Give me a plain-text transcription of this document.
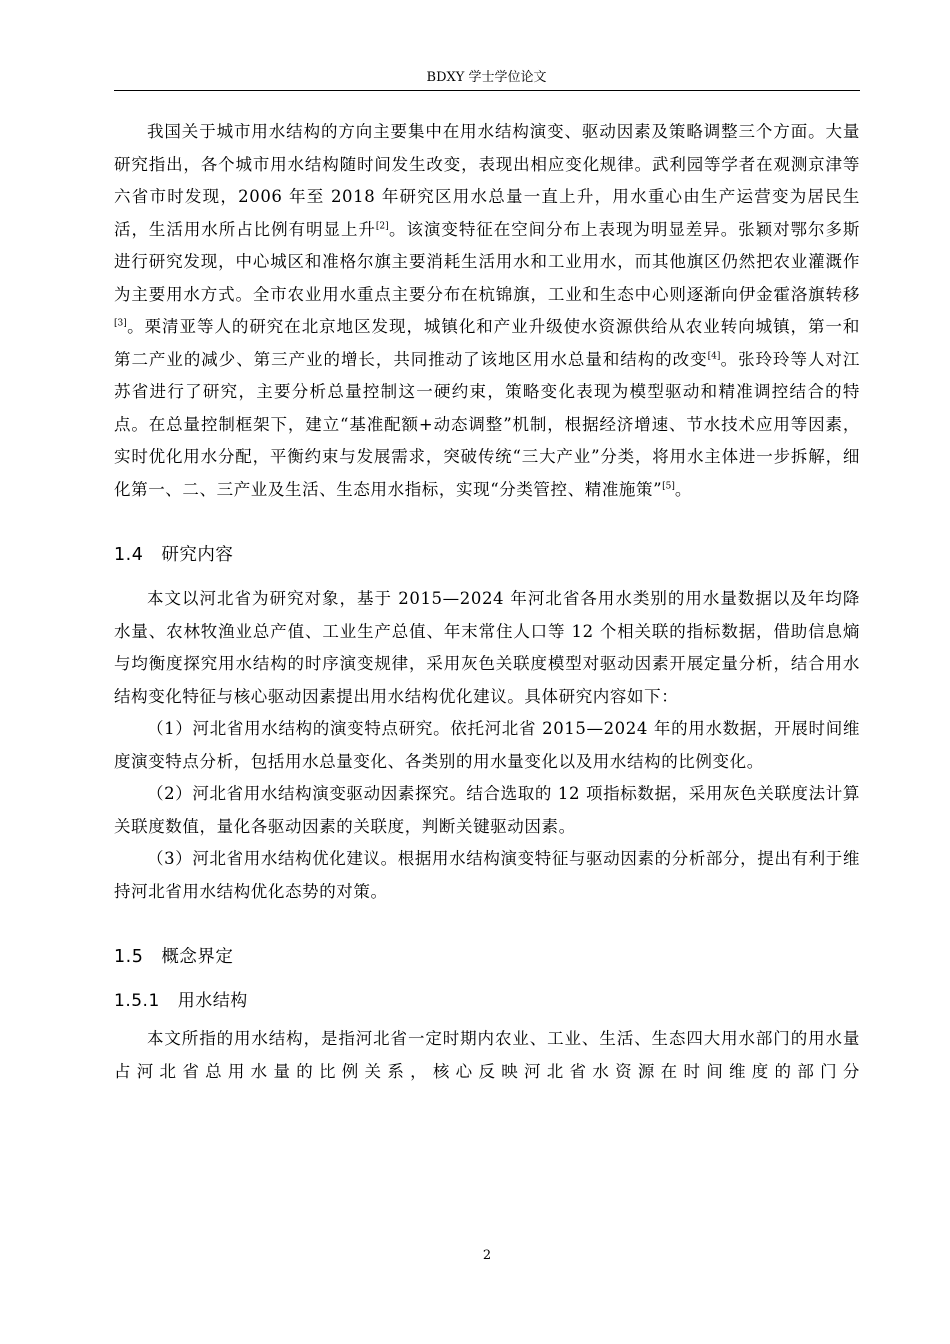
BDXY 学士学位论文

我国关于城市用水结构的方向主要集中在用水结构演变、驱动因素及策略调整三个方面。大量研究指出，各个城市用水结构随时间发生改变，表现出相应变化规律。武利园等学者在观测京津等六省市时发现，2006 年至 2018 年研究区用水总量一直上升，用水重心由生产运营变为居民生活，生活用水所占比例有明显上升[2]。该演变特征在空间分布上表现为明显差异。张颖对鄂尔多斯进行研究发现，中心城区和准格尔旗主要消耗生活用水和工业用水，而其他旗区仍然把农业灌溉作为主要用水方式。全市农业用水重点主要分布在杭锦旗，工业和生态中心则逐渐向伊金霍洛旗转移[3]。栗清亚等人的研究在北京地区发现，城镇化和产业升级使水资源供给从农业转向城镇，第一和第二产业的减少、第三产业的增长，共同推动了该地区用水总量和结构的改变[4]。张玲玲等人对江苏省进行了研究，主要分析总量控制这一硬约束，策略变化表现为模型驱动和精准调控结合的特点。在总量控制框架下，建立“基准配额+动态调整”机制，根据经济增速、节水技术应用等因素，实时优化用水分配，平衡约束与发展需求，突破传统“三大产业”分类，将用水主体进一步拆解，细化第一、二、三产业及生活、生态用水指标，实现“分类管控、精准施策”[5]。

1.4 研究内容

本文以河北省为研究对象，基于 2015—2024 年河北省各用水类别的用水量数据以及年均降水量、农林牧渔业总产值、工业生产总值、年末常住人口等 12 个相关联的指标数据，借助信息熵与均衡度探究用水结构的时序演变规律，采用灰色关联度模型对驱动因素开展定量分析，结合用水结构变化特征与核心驱动因素提出用水结构优化建议。具体研究内容如下：

（1）河北省用水结构的演变特点研究。依托河北省 2015—2024 年的用水数据，开展时间维度演变特点分析，包括用水总量变化、各类别的用水量变化以及用水结构的比例变化。

（2）河北省用水结构演变驱动因素探究。结合选取的 12 项指标数据，采用灰色关联度法计算关联度数值，量化各驱动因素的关联度，判断关键驱动因素。

（3）河北省用水结构优化建议。根据用水结构演变特征与驱动因素的分析部分，提出有利于维持河北省用水结构优化态势的对策。

1.5 概念界定
1.5.1 用水结构

本文所指的用水结构，是指河北省一定时期内农业、工业、生活、生态四大用水部门的用水量占河北省总用水量的比例关系，核心反映河北省水资源在时间维度的部门分

2
